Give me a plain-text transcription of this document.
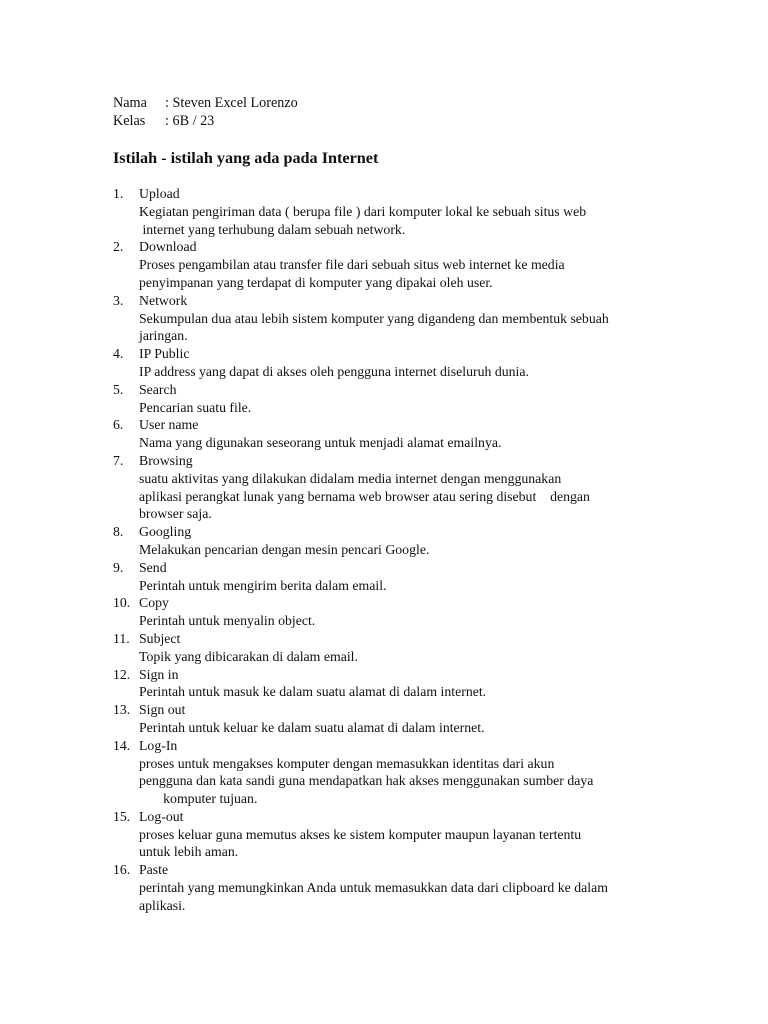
Nama	: Steven Excel Lorenzo
Kelas	: 6B / 23
Istilah - istilah yang ada pada Internet
1.	Upload
Kegiatan pengiriman data ( berupa file ) dari komputer lokal ke sebuah situs web
internet yang terhubung dalam sebuah network.
2.	Download
Proses pengambilan atau transfer file dari sebuah situs web internet ke media
penyimpanan yang terdapat di komputer yang dipakai oleh user.
3.	Network
Sekumpulan dua atau lebih sistem komputer yang digandeng dan membentuk sebuah
jaringan.
4.	IP Public
IP address yang dapat di akses oleh pengguna internet diseluruh dunia.
5.	Search
Pencarian suatu file.
6.	User name
Nama yang digunakan seseorang untuk menjadi alamat emailnya.
7.	Browsing
suatu aktivitas yang dilakukan didalam media internet dengan menggunakan
aplikasi perangkat lunak yang bernama web browser atau sering disebut    dengan
browser saja.
8.	Googling
Melakukan pencarian dengan mesin pencari Google.
9.	Send
Perintah untuk mengirim berita dalam email.
10. Copy
Perintah untuk menyalin object.
11. Subject
Topik yang dibicarakan di dalam email.
12. Sign in
Perintah untuk masuk ke dalam suatu alamat di dalam internet.
13. Sign out
Perintah untuk keluar ke dalam suatu alamat di dalam internet.
14. Log-In
proses untuk mengakses komputer dengan memasukkan identitas dari akun
pengguna dan kata sandi guna mendapatkan hak akses menggunakan sumber daya
komputer tujuan.
15. Log-out
proses keluar guna memutus akses ke sistem komputer maupun layanan tertentu
untuk lebih aman.
16. Paste
perintah yang memungkinkan Anda untuk memasukkan data dari clipboard ke dalam
aplikasi.
